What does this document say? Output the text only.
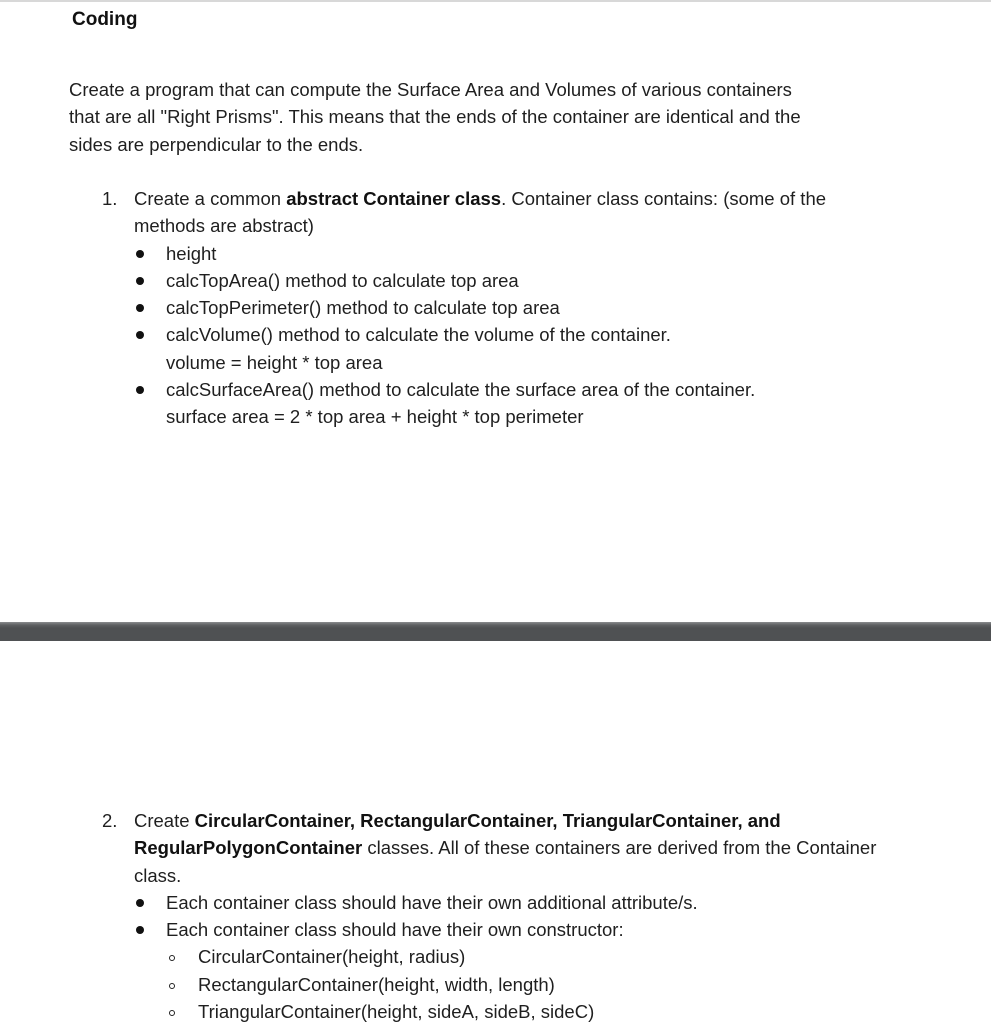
Coding

Create a program that can compute the Surface Area and Volumes of various containers
that are all "Right Prisms". This means that the ends of the container are identical and the
sides are perpendicular to the ends.

1. Create a common abstract Container class. Container class contains: (some of the
methods are abstract)
height
calcTopArea() method to calculate top area
calcTopPerimeter() method to calculate top area
calcVolume() method to calculate the volume of the container.
volume = height * top area
calcSurfaceArea() method to calculate the surface area of the container.
surface area = 2 * top area + height * top perimeter
2. Create CircularContainer, RectangularContainer, TriangularContainer, and
RegularPolygonContainer classes. All of these containers are derived from the Container
class.
Each container class should have their own additional attribute/s.
Each container class should have their own constructor:
CircularContainer(height, radius)
RectangularContainer(height, width, length)
TriangularContainer(height, sideA, sideB, sideC)
